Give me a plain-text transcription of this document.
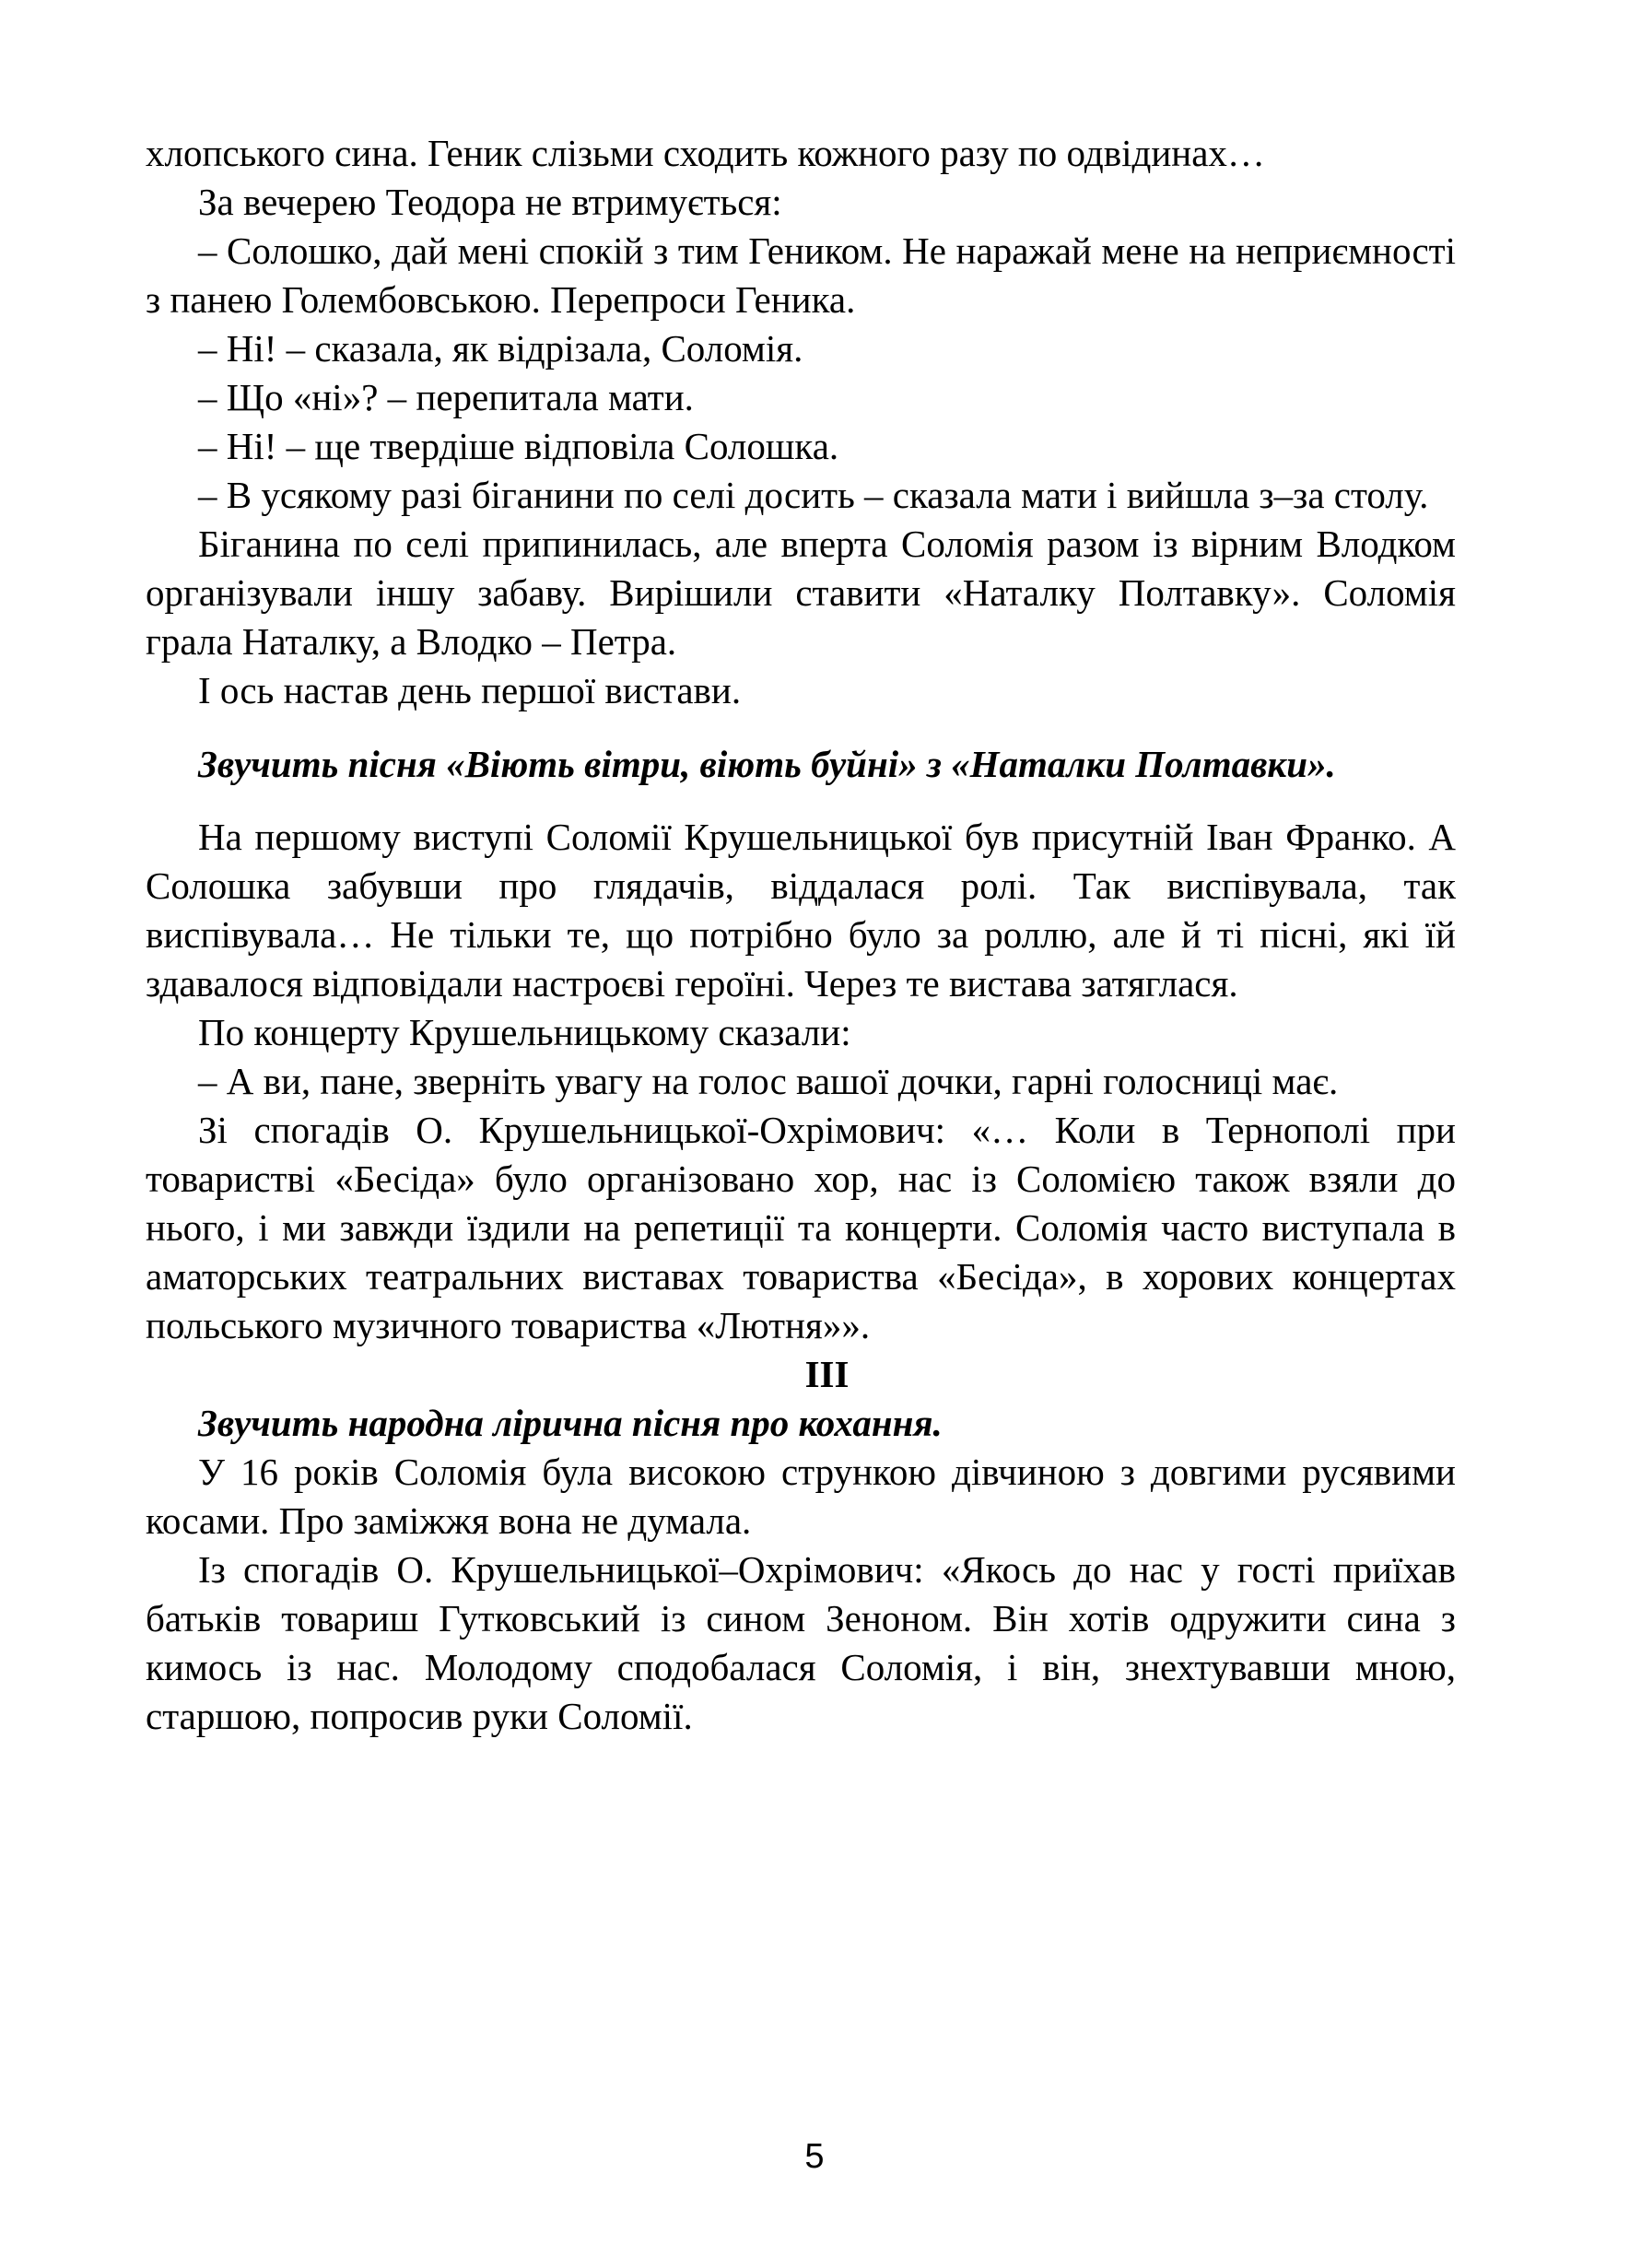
хлопського сина. Геник слізьми сходить кожного разу по одвідинах…

За вечерею Теодора не втримується:

– Солошко, дай мені спокій з тим Геником. Не наражай мене на неприємності з панею Голембовською. Перепроси Геника.

– Ні! – сказала, як відрізала, Соломія.

– Що «ні»? – перепитала мати.

– Ні! – ще твердіше відповіла Солошка.

– В усякому разі біганини по селі досить – сказала мати і вийшла з–за столу.

Біганина по селі припинилась, але вперта Соломія разом із вірним Влодком організували іншу забаву. Вирішили ставити «Наталку Полтавку». Соломія грала Наталку, а Влодко – Петра.

І ось настав день першої вистави.

Звучить пісня «Віють вітри, віють буйні» з «Наталки Полтавки».

На першому виступі Соломії Крушельницької був присутній Іван Франко. А Солошка забувши про глядачів, віддалася ролі. Так виспівувала, так виспівувала… Не тільки те, що потрібно було за роллю, але й ті пісні, які їй здавалося відповідали настроєві героїні. Через те вистава затяглася.

По концерту Крушельницькому сказали:

– А ви, пане, зверніть увагу на голос вашої дочки, гарні голосниці має.

Зі спогадів О. Крушельницької-Охрімович: «… Коли в Тернополі при товаристві «Бесіда» було організовано хор, нас із Соломією також взяли до нього, і ми завжди їздили на репетиції та концерти. Соломія часто виступала в аматорських театральних виставах товариства «Бесіда», в хорових концертах польського музичного товариства «Лютня»».

ІІІ

Звучить народна лірична пісня про кохання.

У 16 років Соломія була високою стрункою дівчиною з довгими русявими косами. Про заміжжя вона не думала.

Із спогадів О. Крушельницької–Охрімович: «Якось до нас у гості приїхав батьків товариш Гутковський із сином Зеноном. Він хотів одружити сина з кимось із нас. Молодому сподобалася Соломія, і він, знехтувавши мною, старшою, попросив руки Соломії.

5
